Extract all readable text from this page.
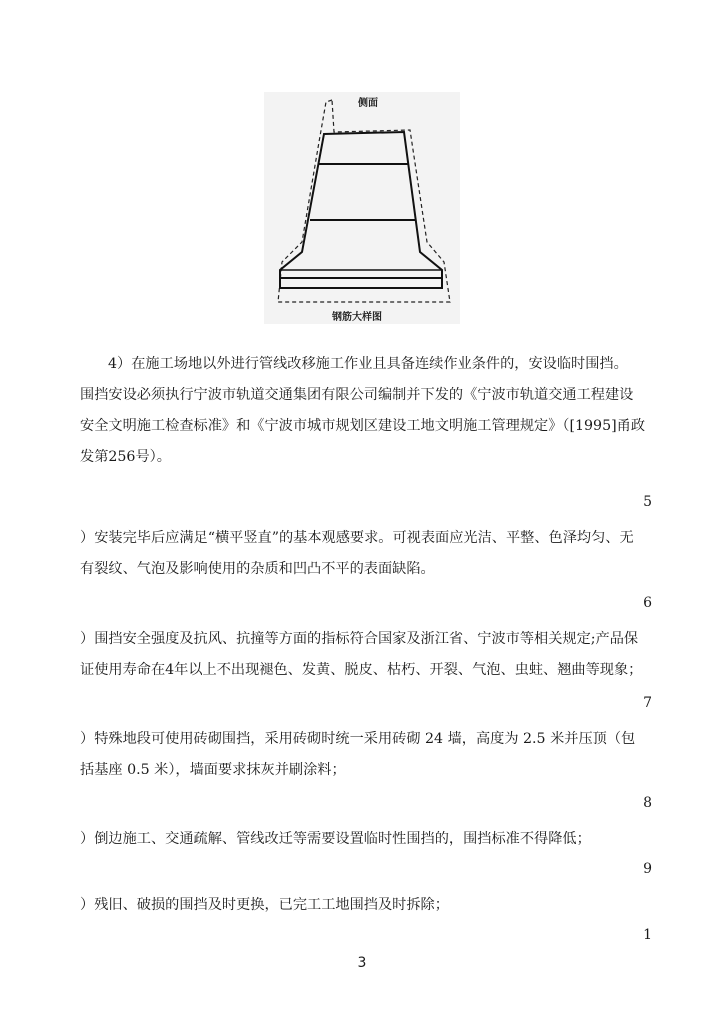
侧面
钢筋大样图
4）在施工场地以外进行管线改移施工作业且具备连续作业条件的，安设临时围挡。
围挡安设必须执行宁波市轨道交通集团有限公司编制并下发的《宁波市轨道交通工程建设
安全文明施工检查标准》和《宁波市城市规划区建设工地文明施工管理规定》（[1995]甬政
发第256号）。
5
）安装完毕后应满足“横平竖直”的基本观感要求。可视表面应光洁、平整、色泽均匀、无
有裂纹、气泡及影响使用的杂质和凹凸不平的表面缺陷。
6
）围挡安全强度及抗风、抗撞等方面的指标符合国家及浙江省、宁波市等相关规定;产品保
证使用寿命在4年以上不出现褪色、发黄、脱皮、枯朽、开裂、气泡、虫蛀、翘曲等现象；
7
）特殊地段可使用砖砌围挡，采用砖砌时统一采用砖砌 24 墙，高度为 2.5 米并压顶（包
括基座 0.5 米），墙面要求抹灰并刷涂料；
8
）倒边施工、交通疏解、管线改迁等需要设置临时性围挡的，围挡标准不得降低；
9
）残旧、破损的围挡及时更换，已完工工地围挡及时拆除；
1
3
